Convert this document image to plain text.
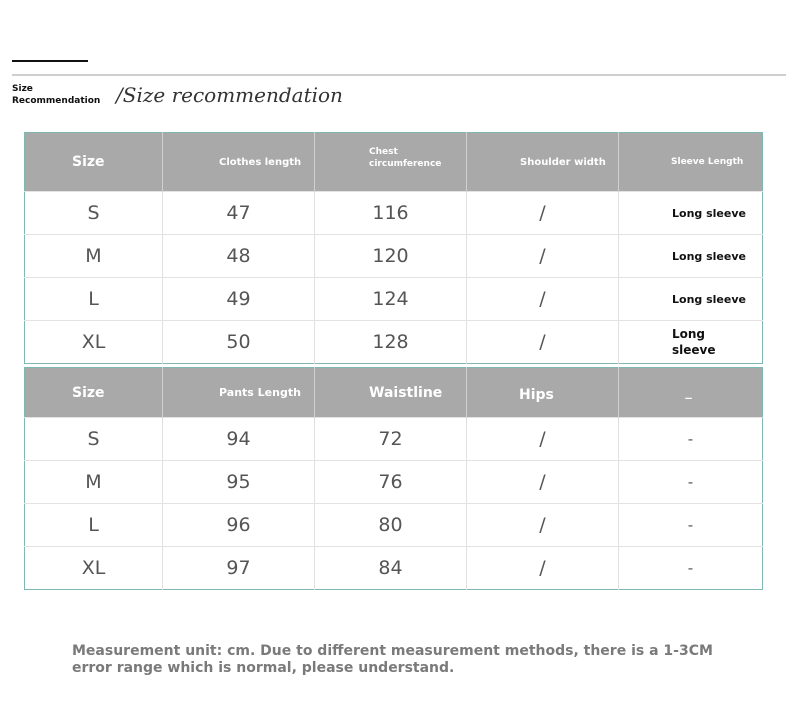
Size
Recommendation /Size recommendation
Size	Clothes length	Chest circumference	Shoulder width	Sleeve Length
S	47	116	/	Long sleeve
M	48	120	/	Long sleeve
L	49	124	/	Long sleeve
XL	50	128	/	Long sleeve
Size	Pants Length	Waistline	Hips	_
S	94	72	/	-
M	95	76	/	-
L	96	80	/	-
XL	97	84	/	-
Measurement unit: cm. Due to different measurement methods, there is a 1-3CM error range which is normal, please understand.
